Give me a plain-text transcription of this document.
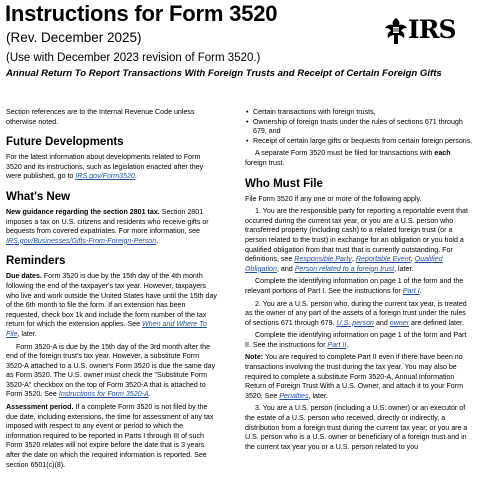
Instructions for Form 3520
(Rev. December 2025)
(Use with December 2023 revision of Form 3520.)
Annual Return To Report Transactions With Foreign Trusts and Receipt of Certain Foreign Gifts
IRS

Section references are to the Internal Revenue Code unless otherwise noted.

Future Developments

For the latest information about developments related to Form 3520 and its instructions, such as legislation enacted after they were published, go to IRS.gov/Form3520.

What's New

New guidance regarding the section 2801 tax. Section 2801 imposes a tax on U.S. citizens and residents who receive gifts or bequests from covered expatriates. For more information, see IRS.gov/Businesses/Gifts-From-Foreign-Person.

Reminders

Due dates. Form 3520 is due by the 15th day of the 4th month following the end of the taxpayer's tax year. However, taxpayers who live and work outside the United States have until the 15th day of the 6th month to file the form. If an extension has been requested, check box 1k and include the form number of the tax return for which the extension applies. See When and Where To File, later.

Form 3520-A is due by the 15th day of the 3rd month after the end of the foreign trust's tax year. However, a substitute Form 3520-A attached to a U.S. owner's Form 3520 is due the same day as Form 3520. The U.S. owner must check the "Substitute Form 3520-A" checkbox on the top of Form 3520-A that is attached to Form 3520. See Instructions for Form 3520-A.

Assessment period. If a complete Form 3520 is not filed by the due date, including extensions, the time for assessment of any tax imposed with respect to any event or period to which the information required to be reported in Parts I through III of such Form 3520 relates will not expire before the date that is 3 years after the date on which the required information is reported. See section 6501(c)(8).

• Certain transactions with foreign trusts,
• Ownership of foreign trusts under the rules of sections 671 through 679, and
• Receipt of certain large gifts or bequests from certain foreign persons.

A separate Form 3520 must be filed for transactions with each foreign trust.

Who Must File

File Form 3520 if any one or more of the following apply.

1. You are the responsible party for reporting a reportable event that occurred during the current tax year, or you are a U.S. person who transferred property (including cash) to a related foreign trust (or a person related to the trust) in exchange for an obligation or you hold a qualified obligation from that trust that is currently outstanding. For definitions, see Responsible Party, Reportable Event, Qualified Obligation, and Person related to a foreign trust, later.

Complete the identifying information on page 1 of the form and the relevant portions of Part I. See the instructions for Part I.

2. You are a U.S. person who, during the current tax year, is treated as the owner of any part of the assets of a foreign trust under the rules of sections 671 through 679. U.S. person and owner are defined later.

Complete the identifying information on page 1 of the form and Part II. See the instructions for Part II.

Note: You are required to complete Part II even if there have been no transactions involving the trust during the tax year. You may also be required to complete a substitute Form 3520-A, Annual Information Return of Foreign Trust With a U.S. Owner, and attach it to your Form 3520. See Penalties, later.

3. You are a U.S. person (including a U.S. owner) or an executor of the estate of a U.S. person who received, directly or indirectly, a distribution from a foreign trust during the current tax year; or you are a U.S. person who is a U.S. owner or beneficiary of a foreign trust and in the current tax year you or a U.S. person related to you
